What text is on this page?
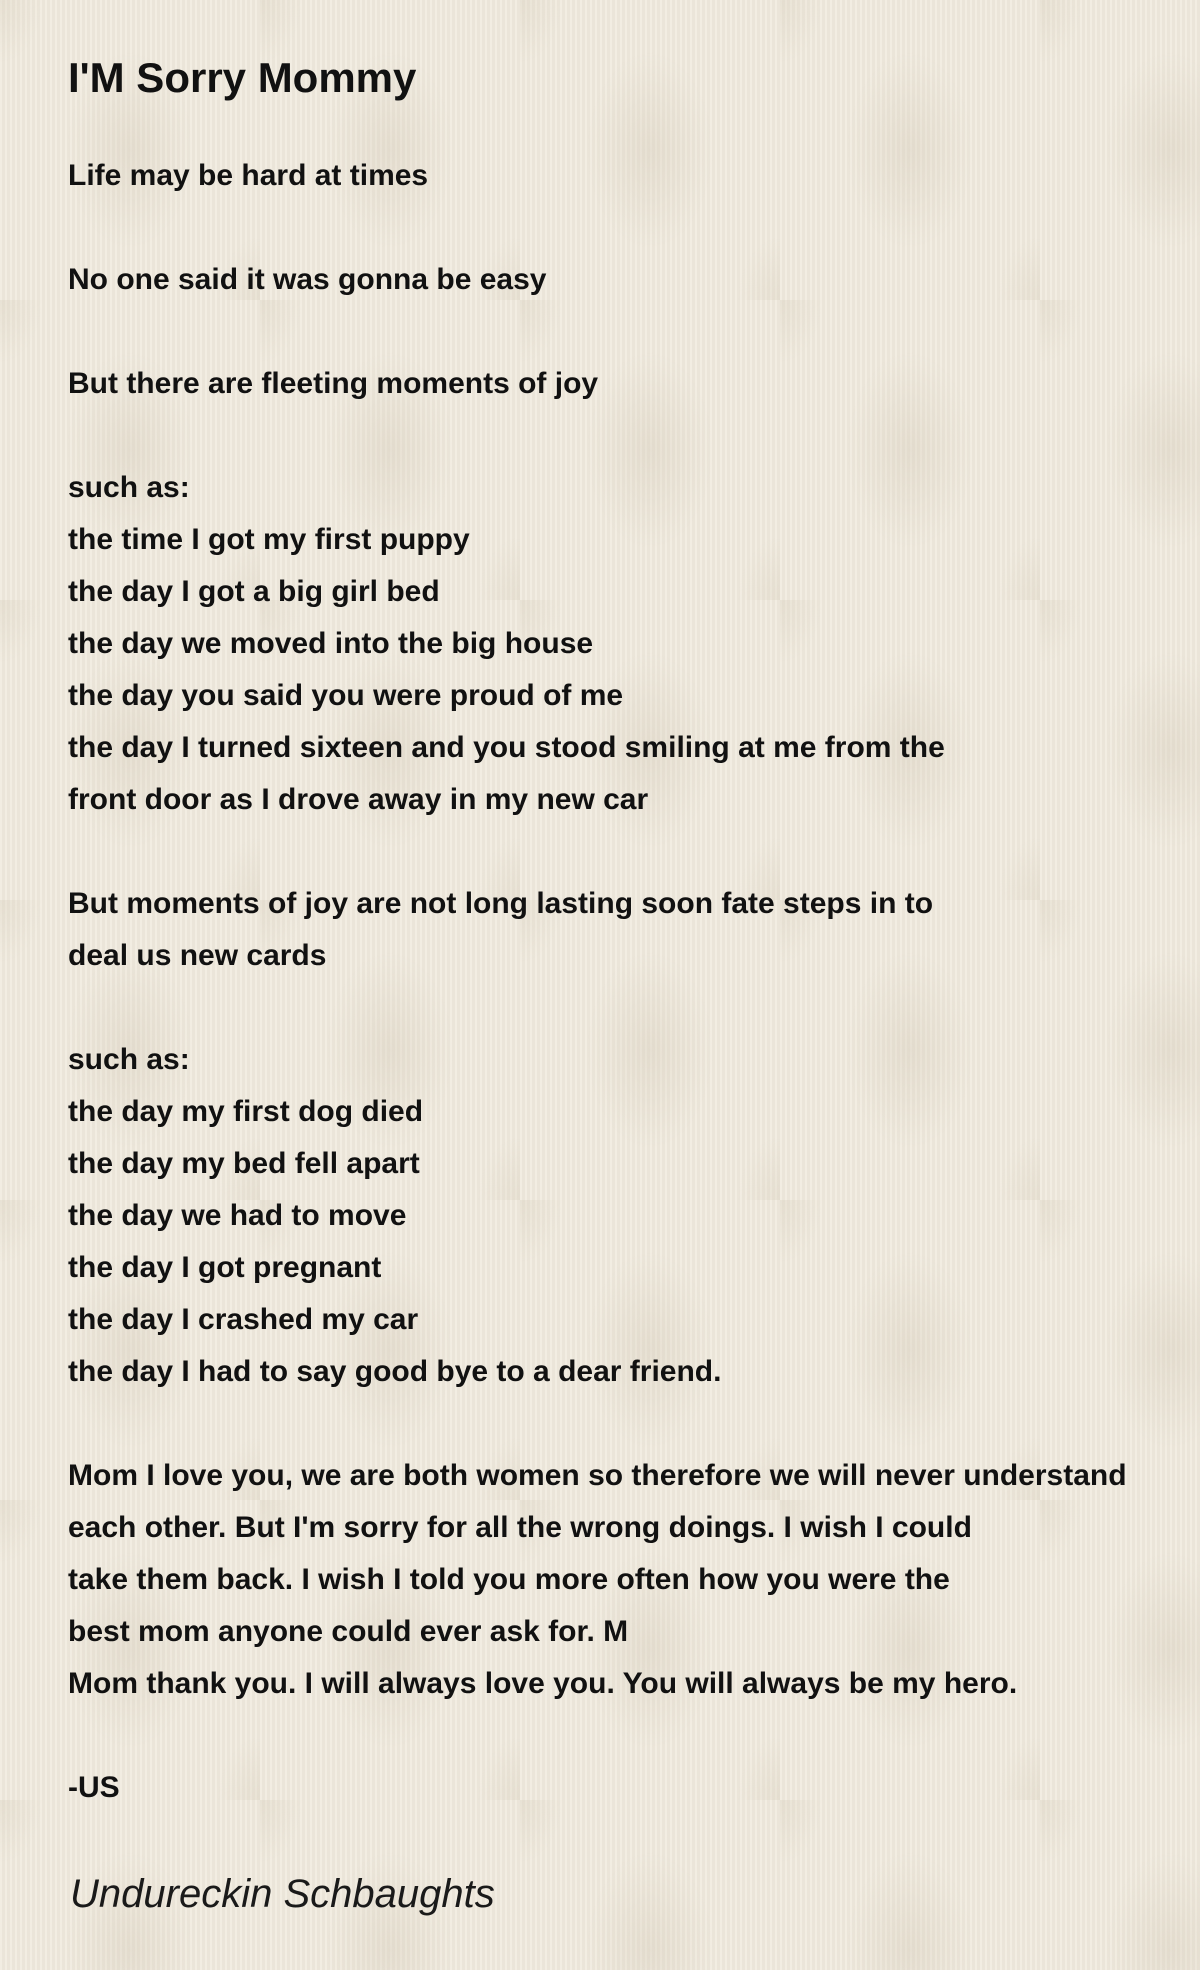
I'M Sorry Mommy
Life may be hard at times
No one said it was gonna be easy
But there are fleeting moments of joy
such as:
the time I got my first puppy
the day I got a big girl bed
the day we moved into the big house
the day you said you were proud of me
the day I turned sixteen and you stood smiling at me from the
front door as I drove away in my new car
But moments of joy are not long lasting soon fate steps in to
deal us new cards
such as:
the day my first dog died
the day my bed fell apart
the day we had to move
the day I got pregnant
the day I crashed my car
the day I had to say good bye to a dear friend.
Mom I love you, we are both women so therefore we will never understand
each other. But I'm sorry for all the wrong doings. I wish I could
take them back. I wish I told you more often how you were the
best mom anyone could ever ask for. M
Mom thank you. I will always love you. You will always be my hero.
-US
Undureckin Schbaughts
